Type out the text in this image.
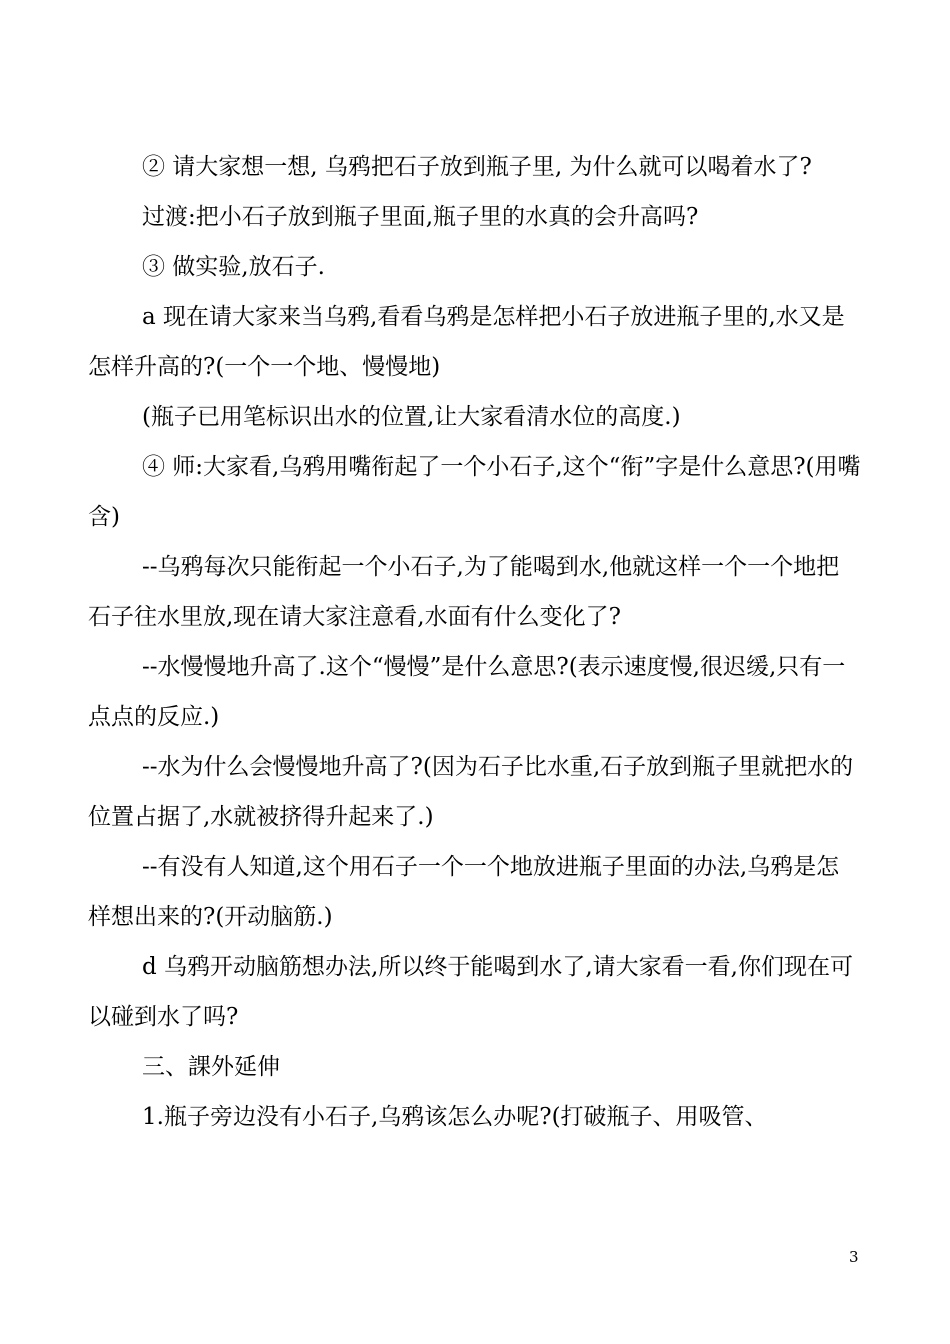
② 请大家想一想, 乌鸦把石子放到瓶子里, 为什么就可以喝着水了?

过渡:把小石子放到瓶子里面,瓶子里的水真的会升高吗?

③ 做实验,放石子.

a 现在请大家来当乌鸦,看看乌鸦是怎样把小石子放进瓶子里的,水又是怎样升高的?(一个一个地、慢慢地)

(瓶子已用笔标识出水的位置,让大家看清水位的高度.)

④ 师:大家看,乌鸦用嘴衔起了一个小石子,这个“衔”字是什么意思?(用嘴含)

--乌鸦每次只能衔起一个小石子,为了能喝到水,他就这样一个一个地把石子往水里放,现在请大家注意看,水面有什么变化了?

--水慢慢地升高了.这个“慢慢”是什么意思?(表示速度慢,很迟缓,只有一点点的反应.)

--水为什么会慢慢地升高了?(因为石子比水重,石子放到瓶子里就把水的位置占据了,水就被挤得升起来了.)

--有没有人知道,这个用石子一个一个地放进瓶子里面的办法,乌鸦是怎样想出来的?(开动脑筋.)

d 乌鸦开动脑筋想办法,所以终于能喝到水了,请大家看一看,你们现在可以碰到水了吗?

三、課外延伸

1.瓶子旁边没有小石子,乌鸦该怎么办呢?(打破瓶子、用吸管、

3
